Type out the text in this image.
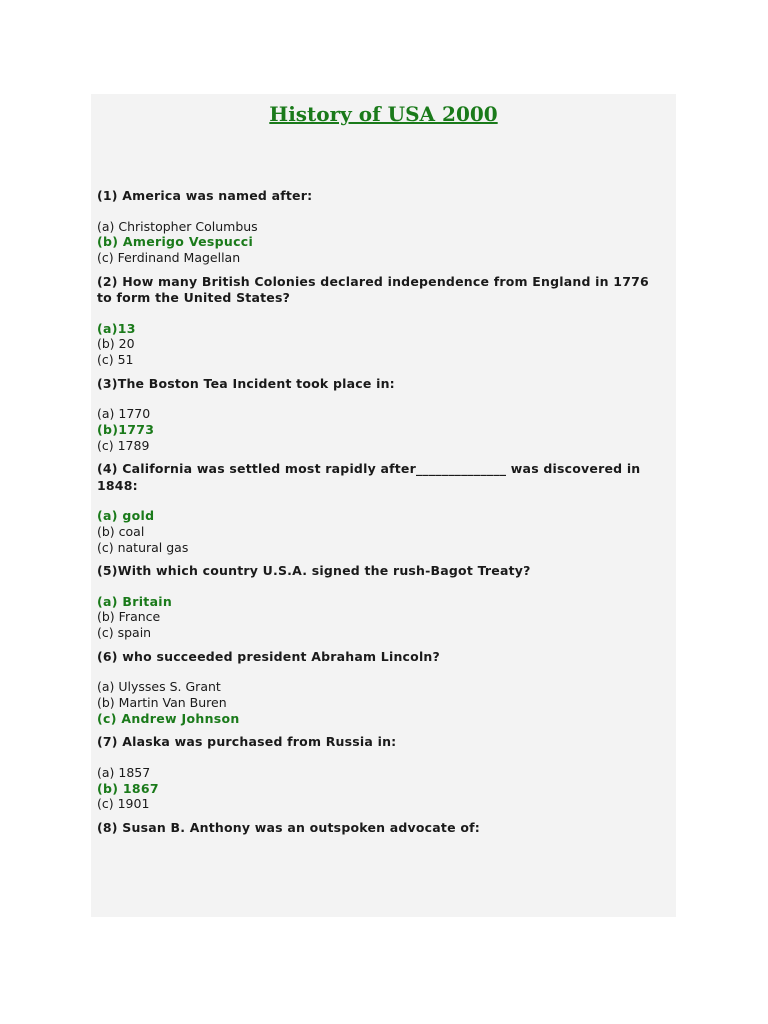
History of USA 2000
(1) America was named after:
(a) Christopher Columbus
(b) Amerigo Vespucci
(c) Ferdinand Magellan
(2) How many British Colonies declared independence from England in 1776 to form the United States?
(a)13
(b) 20
(c) 51
(3)The Boston Tea Incident took place in:
(a) 1770
(b)1773
(c) 1789
(4) California was settled most rapidly after______________ was discovered in 1848:
(a) gold
(b) coal
(c) natural gas
(5)With which country U.S.A. signed the rush-Bagot Treaty?
(a) Britain
(b) France
(c) spain
(6) who succeeded president Abraham Lincoln?
(a) Ulysses S. Grant
(b) Martin Van Buren
(c) Andrew Johnson
(7) Alaska was purchased from Russia in:
(a) 1857
(b) 1867
(c) 1901
(8) Susan B. Anthony was an outspoken advocate of:
